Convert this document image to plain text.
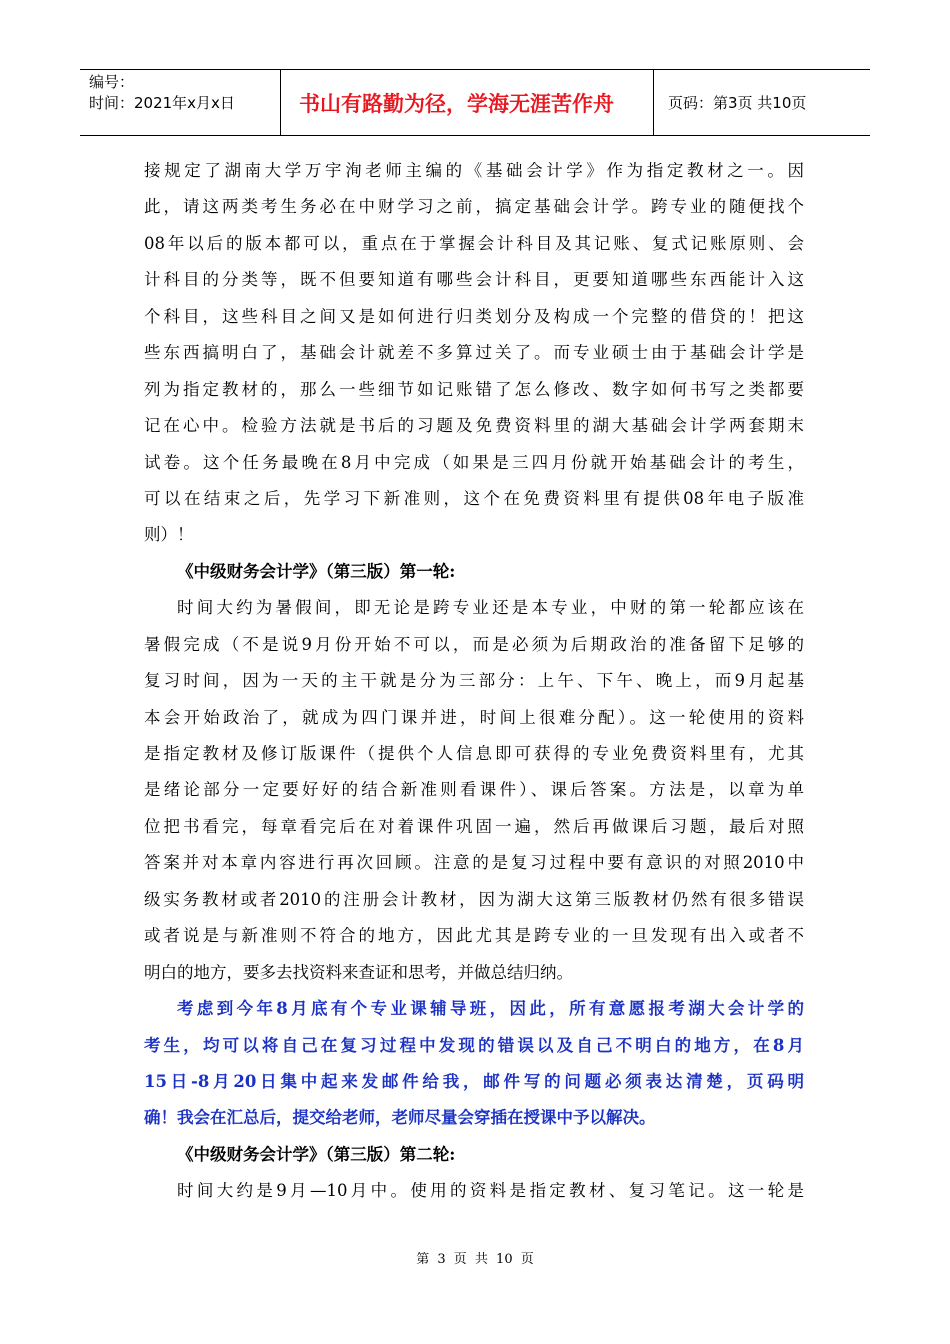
编号：
时间：2021年x月x日	书山有路勤为径，学海无涯苦作舟	页码：第3页 共10页
接规定了湖南大学万宇洵老师主编的《基础会计学》作为指定教材之一。因
此，请这两类考生务必在中财学习之前，搞定基础会计学。跨专业的随便找个
08年以后的版本都可以，重点在于掌握会计科目及其记账、复式记账原则、会
计科目的分类等，既不但要知道有哪些会计科目，更要知道哪些东西能计入这
个科目，这些科目之间又是如何进行归类划分及构成一个完整的借贷的！把这
些东西搞明白了，基础会计就差不多算过关了。而专业硕士由于基础会计学是
列为指定教材的，那么一些细节如记账错了怎么修改、数字如何书写之类都要
记在心中。检验方法就是书后的习题及免费资料里的湖大基础会计学两套期末
试卷。这个任务最晚在8月中完成（如果是三四月份就开始基础会计的考生，
可以在结束之后，先学习下新准则，这个在免费资料里有提供08年电子版准
则）！
《中级财务会计学》（第三版）第一轮:
时间大约为暑假间，即无论是跨专业还是本专业，中财的第一轮都应该在
暑假完成（不是说9月份开始不可以，而是必须为后期政治的准备留下足够的
复习时间，因为一天的主干就是分为三部分：上午、下午、晚上，而9月起基
本会开始政治了，就成为四门课并进，时间上很难分配）。这一轮使用的资料
是指定教材及修订版课件（提供个人信息即可获得的专业免费资料里有，尤其
是绪论部分一定要好好的结合新准则看课件）、课后答案。方法是，以章为单
位把书看完，每章看完后在对着课件巩固一遍，然后再做课后习题，最后对照
答案并对本章内容进行再次回顾。注意的是复习过程中要有意识的对照2010中
级实务教材或者2010的注册会计教材，因为湖大这第三版教材仍然有很多错误
或者说是与新准则不符合的地方，因此尤其是跨专业的一旦发现有出入或者不
明白的地方，要多去找资料来查证和思考，并做总结归纳。
考虑到今年8月底有个专业课辅导班，因此，所有意愿报考湖大会计学的
考生，均可以将自己在复习过程中发现的错误以及自己不明白的地方，在8月
15日-8月20日集中起来发邮件给我，邮件写的问题必须表达清楚，页码明
确！我会在汇总后，提交给老师，老师尽量会穿插在授课中予以解决。
《中级财务会计学》（第三版）第二轮:
时间大约是9月—10月中。使用的资料是指定教材、复习笔记。这一轮是
第 3 页 共 10 页
